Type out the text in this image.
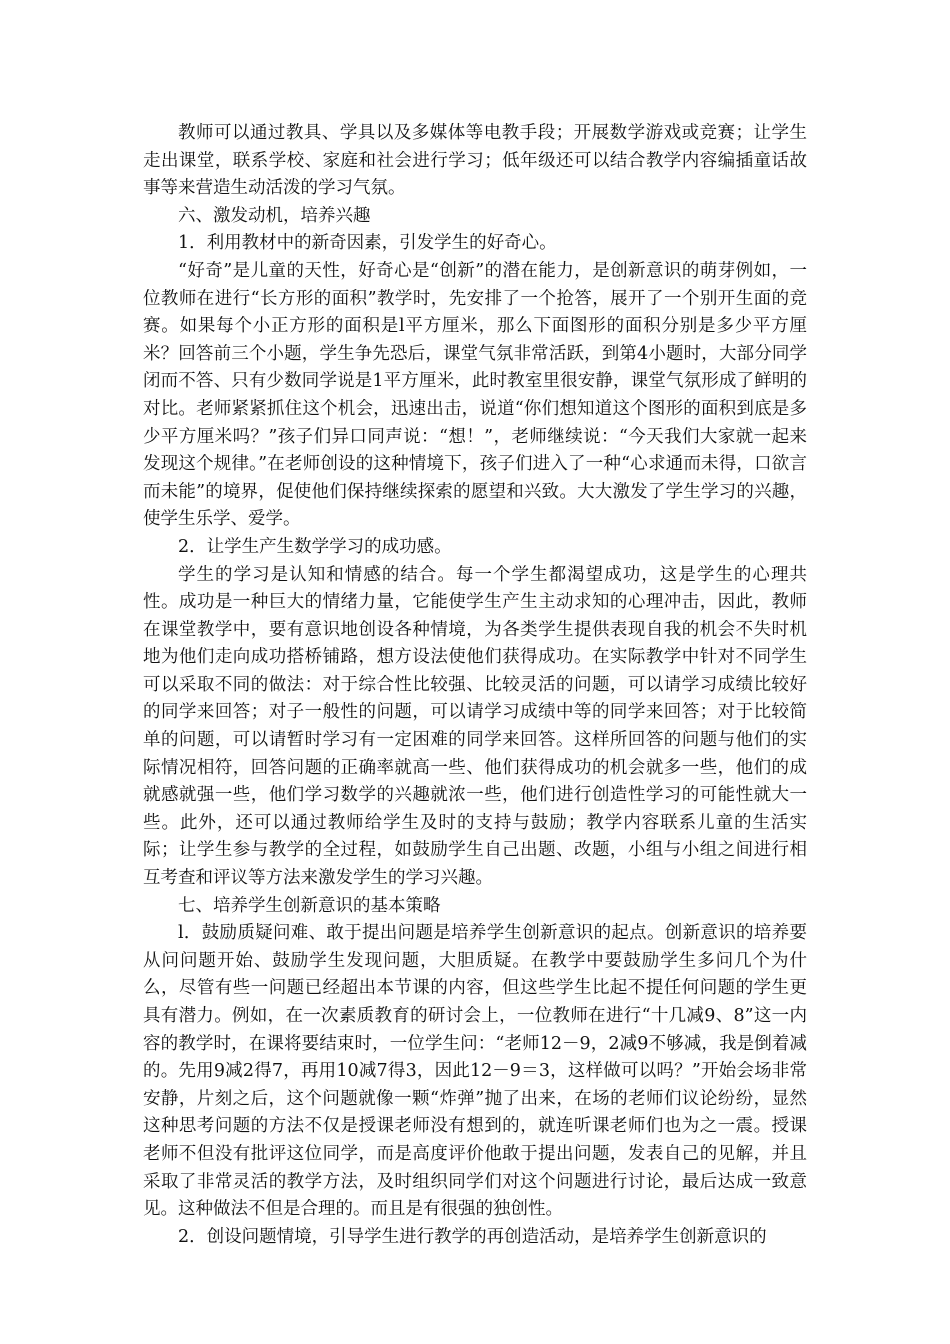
教师可以通过教具、学具以及多媒体等电教手段；开展数学游戏或竞赛；让学生走出课堂，联系学校、家庭和社会进行学习；低年级还可以结合教学内容编插童话故事等来营造生动活泼的学习气氛。

六、激发动机，培养兴趣

1．利用教材中的新奇因素，引发学生的好奇心。

“好奇”是儿童的天性，好奇心是“创新”的潜在能力，是创新意识的萌芽例如，一位教师在进行“长方形的面积”教学时，先安排了一个抢答，展开了一个别开生面的竞赛。如果每个小正方形的面积是l平方厘米，那么下面图形的面积分别是多少平方厘米？回答前三个小题，学生争先恐后，课堂气氛非常活跃，到第4小题时，大部分同学闭而不答、只有少数同学说是1平方厘米，此时教室里很安静，课堂气氛形成了鲜明的对比。老师紧紧抓住这个机会，迅速出击，说道“你们想知道这个图形的面积到底是多少平方厘米吗？”孩子们异口同声说：“想！”，老师继续说：“今天我们大家就一起来发现这个规律。”在老师创设的这种情境下，孩子们进入了一种“心求通而未得，口欲言而未能”的境界，促使他们保持继续探索的愿望和兴致。大大激发了学生学习的兴趣，使学生乐学、爱学。

2．让学生产生数学学习的成功感。

学生的学习是认知和情感的结合。每一个学生都渴望成功，这是学生的心理共性。成功是一种巨大的情绪力量，它能使学生产生主动求知的心理冲击，因此，教师在课堂教学中，要有意识地创设各种情境，为各类学生提供表现自我的机会不失时机地为他们走向成功搭桥铺路，想方设法使他们获得成功。在实际教学中针对不同学生可以采取不同的做法：对于综合性比较强、比较灵活的问题，可以请学习成绩比较好的同学来回答；对子一般性的问题，可以请学习成绩中等的同学来回答；对于比较简单的问题，可以请暂时学习有一定困难的同学来回答。这样所回答的问题与他们的实际情况相符，回答问题的正确率就高一些、他们获得成功的机会就多一些，他们的成就感就强一些，他们学习数学的兴趣就浓一些，他们进行创造性学习的可能性就大一些。此外，还可以通过教师给学生及时的支持与鼓励；教学内容联系儿童的生活实际；让学生参与教学的全过程，如鼓励学生自己出题、改题，小组与小组之间进行相互考查和评议等方法来激发学生的学习兴趣。

七、培养学生创新意识的基本策略

l．鼓励质疑问难、敢于提出问题是培养学生创新意识的起点。创新意识的培养要从问问题开始、鼓励学生发现问题，大胆质疑。在教学中要鼓励学生多问几个为什么，尽管有些一问题已经超出本节课的内容，但这些学生比起不提任何问题的学生更具有潜力。例如，在一次素质教育的研讨会上，一位教师在进行“十几减9、8”这一内容的教学时，在课将要结束时，一位学生问：“老师12－9，2减9不够减，我是倒着减的。先用9减2得7，再用10减7得3，因此12－9＝3，这样做可以吗？”开始会场非常安静，片刻之后，这个问题就像一颗“炸弹”抛了出来，在场的老师们议论纷纷，显然这种思考问题的方法不仅是授课老师没有想到的，就连听课老师们也为之一震。授课老师不但没有批评这位同学，而是高度评价他敢于提出问题，发表自己的见解，并且采取了非常灵活的教学方法，及时组织同学们对这个问题进行讨论，最后达成一致意见。这种做法不但是合理的。而且是有很强的独创性。

2．创设问题情境，引导学生进行教学的再创造活动，是培养学生创新意识的
